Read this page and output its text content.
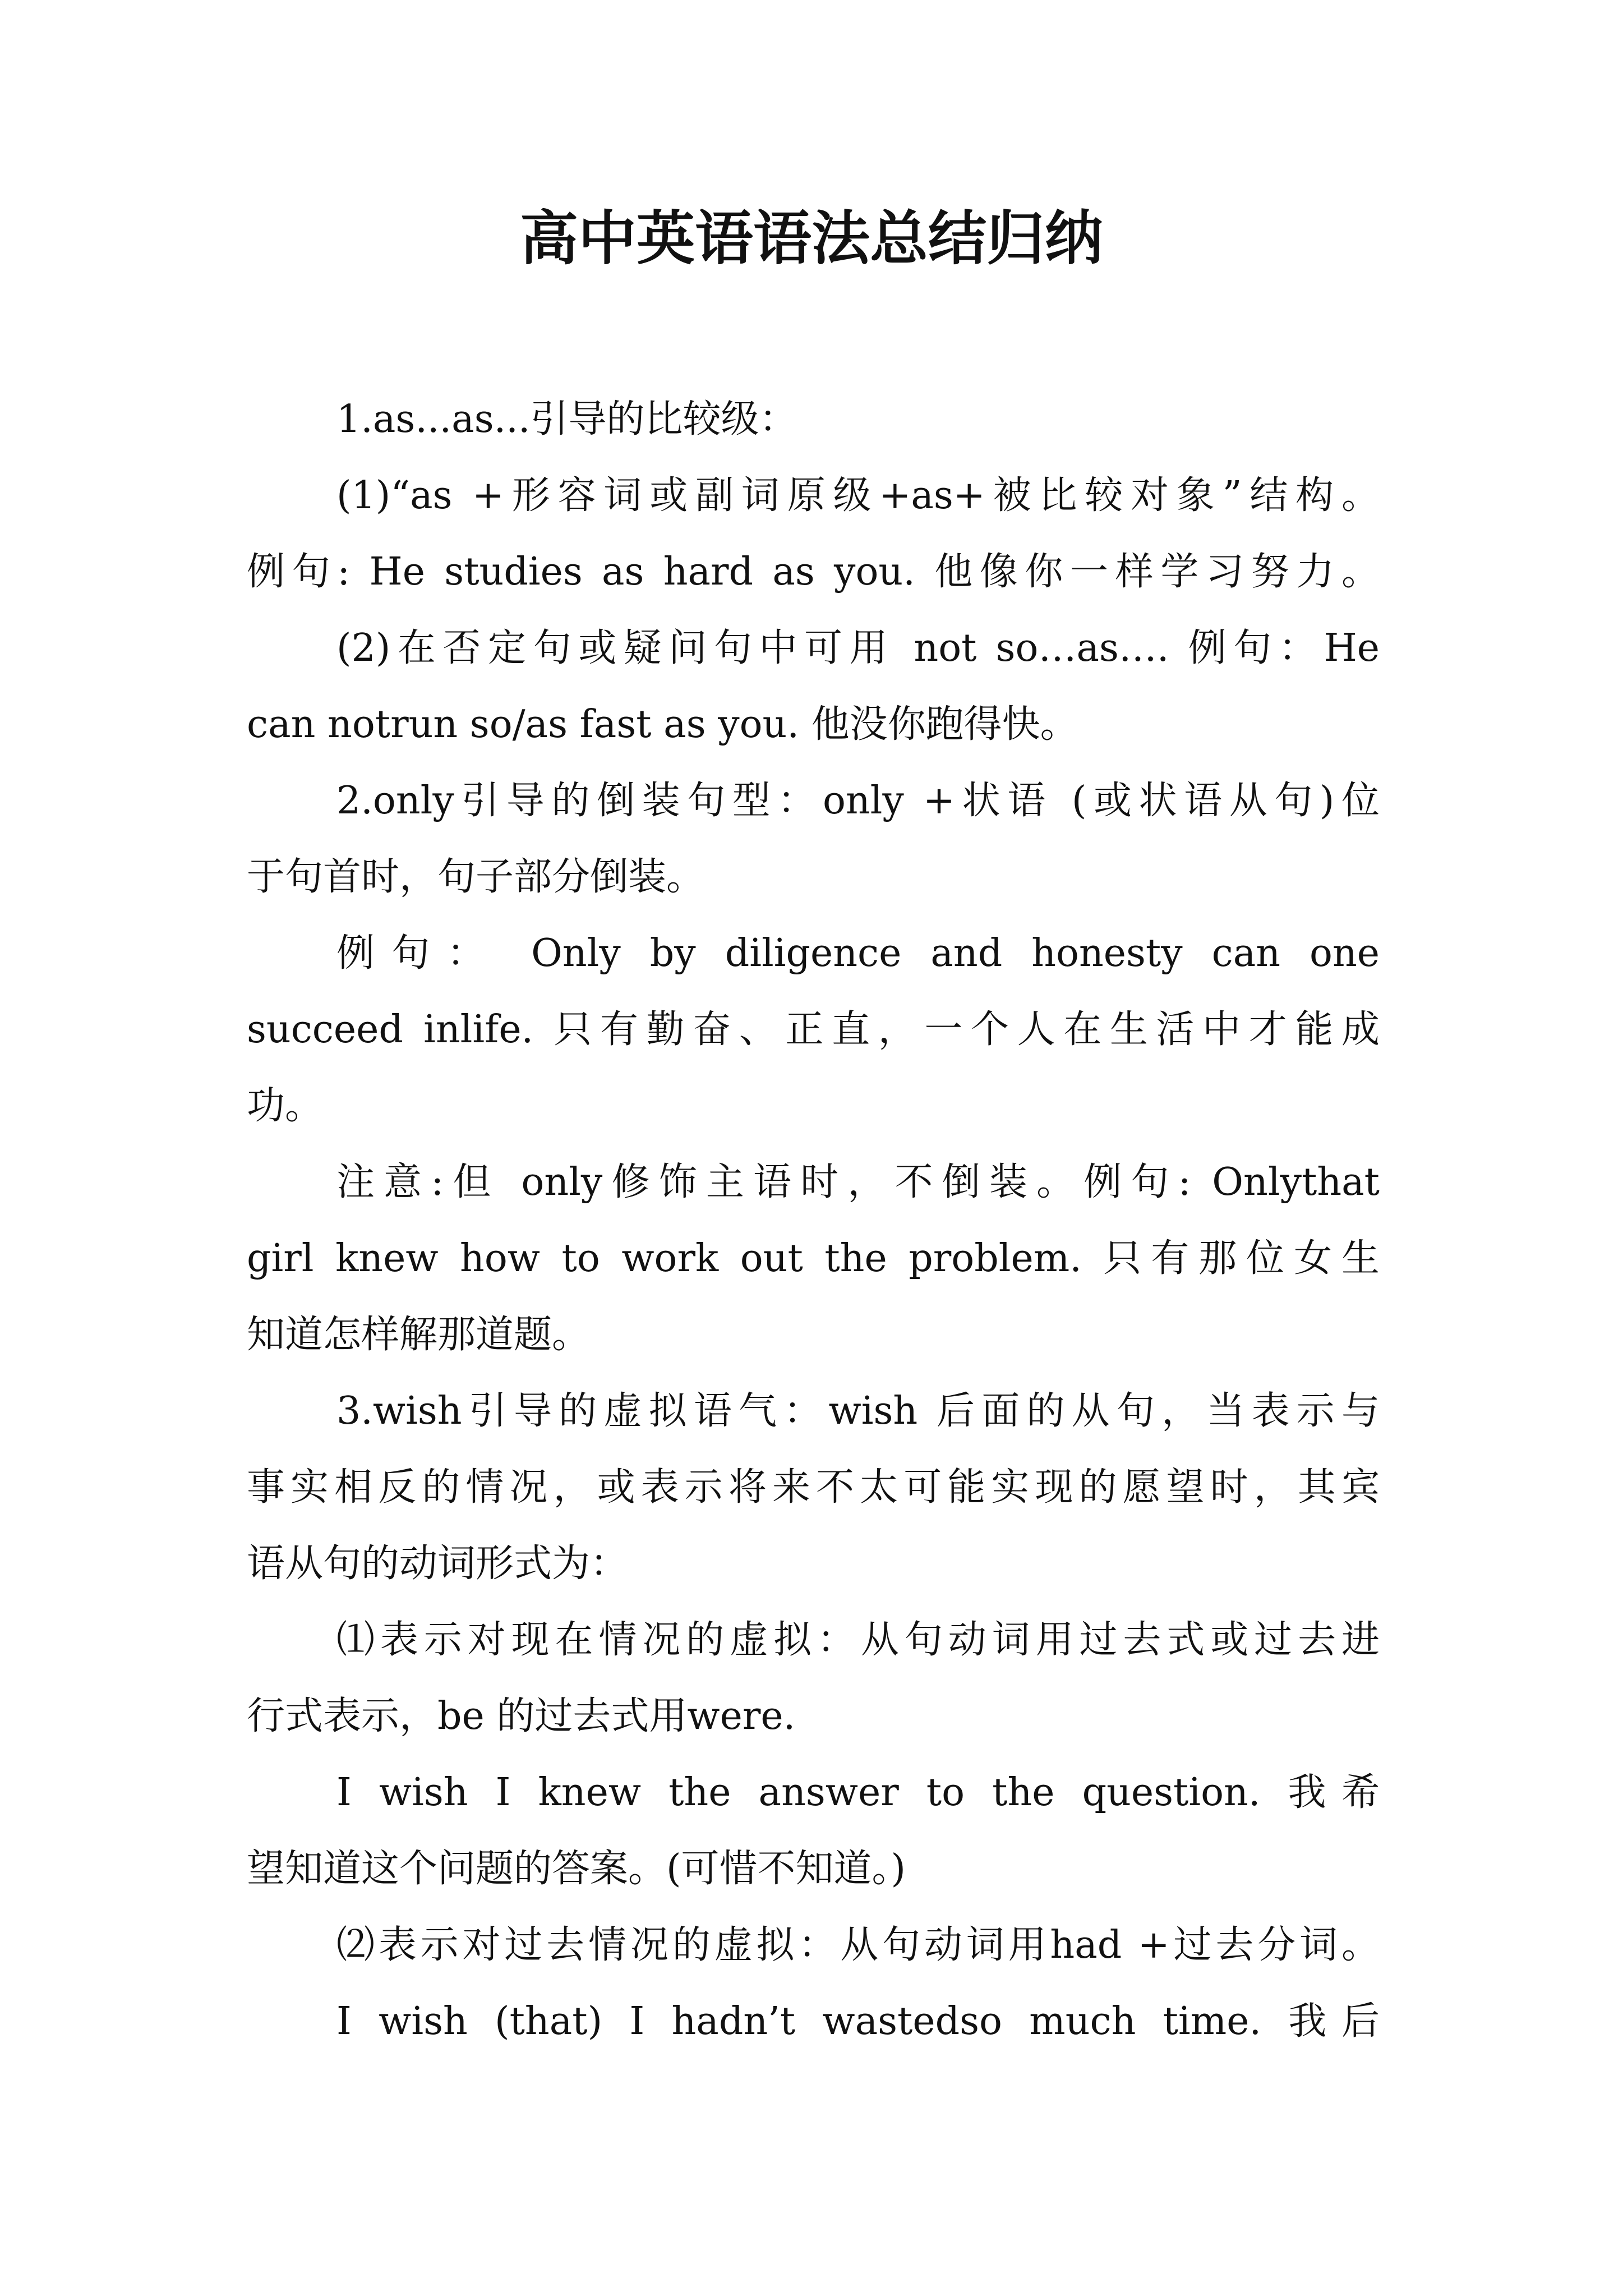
高中英语语法总结归纳
1.as...as...引导的比较级：
(1)“as +形容词或副词原级+as+被比较对象”结构。
例句: He studies as hard as you. 他像你一样学习努力。
(2)在否定句或疑问句中可用 not so…as…. 例句：He
can notrun so/as fast as you. 他没你跑得快。
2.only引导的倒装句型：only +状语 (或状语从句)位
于句首时，句子部分倒装。
例句： Only by diligence and honesty can one
succeed inlife. 只有勤奋、正直，一个人在生活中才能成
功。
注意:但 only修饰主语时，不倒装。例句: Onlythat
girl knew how to work out the problem. 只有那位女生
知道怎样解那道题。
3.wish引导的虚拟语气：wish 后面的从句，当表示与
事实相反的情况，或表示将来不太可能实现的愿望时，其宾
语从句的动词形式为：
⑴表示对现在情况的虚拟：从句动词用过去式或过去进
行式表示，be 的过去式用were.
I wish I knew the answer to the question. 我希
望知道这个问题的答案。(可惜不知道。)
⑵表示对过去情况的虚拟：从句动词用had +过去分词。
I wish (that) I hadn’t wastedso much time. 我后
